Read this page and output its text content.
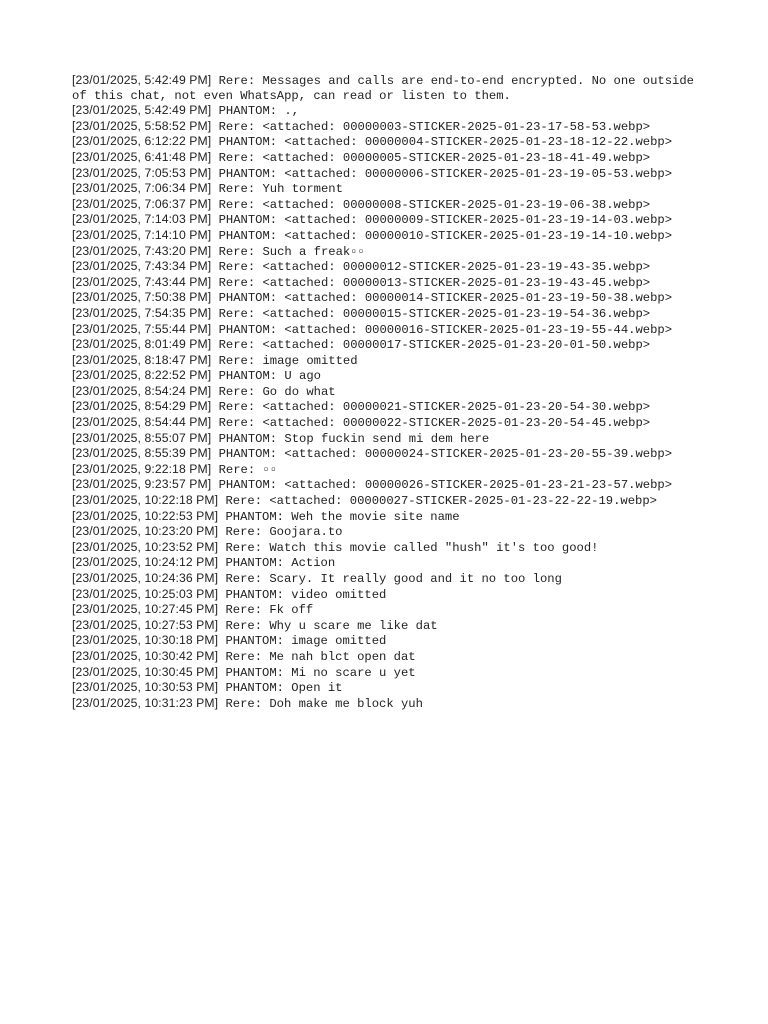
[23/01/2025, 5:42:49 PM] Rere: Messages and calls are end-to-end encrypted. No one outside of this chat, not even WhatsApp, can read or listen to them.
[23/01/2025, 5:42:49 PM] PHANTOM: .,
[23/01/2025, 5:58:52 PM] Rere: <attached: 00000003-STICKER-2025-01-23-17-58-53.webp>
[23/01/2025, 6:12:22 PM] PHANTOM: <attached: 00000004-STICKER-2025-01-23-18-12-22.webp>
[23/01/2025, 6:41:48 PM] Rere: <attached: 00000005-STICKER-2025-01-23-18-41-49.webp>
[23/01/2025, 7:05:53 PM] PHANTOM: <attached: 00000006-STICKER-2025-01-23-19-05-53.webp>
[23/01/2025, 7:06:34 PM] Rere: Yuh torment
[23/01/2025, 7:06:37 PM] Rere: <attached: 00000008-STICKER-2025-01-23-19-06-38.webp>
[23/01/2025, 7:14:03 PM] PHANTOM: <attached: 00000009-STICKER-2025-01-23-19-14-03.webp>
[23/01/2025, 7:14:10 PM] PHANTOM: <attached: 00000010-STICKER-2025-01-23-19-14-10.webp>
[23/01/2025, 7:43:20 PM] Rere: Such a freak▫▫
[23/01/2025, 7:43:34 PM] Rere: <attached: 00000012-STICKER-2025-01-23-19-43-35.webp>
[23/01/2025, 7:43:44 PM] Rere: <attached: 00000013-STICKER-2025-01-23-19-43-45.webp>
[23/01/2025, 7:50:38 PM] PHANTOM: <attached: 00000014-STICKER-2025-01-23-19-50-38.webp>
[23/01/2025, 7:54:35 PM] Rere: <attached: 00000015-STICKER-2025-01-23-19-54-36.webp>
[23/01/2025, 7:55:44 PM] PHANTOM: <attached: 00000016-STICKER-2025-01-23-19-55-44.webp>
[23/01/2025, 8:01:49 PM] Rere: <attached: 00000017-STICKER-2025-01-23-20-01-50.webp>
[23/01/2025, 8:18:47 PM] Rere: image omitted
[23/01/2025, 8:22:52 PM] PHANTOM: U ago
[23/01/2025, 8:54:24 PM] Rere: Go do what
[23/01/2025, 8:54:29 PM] Rere: <attached: 00000021-STICKER-2025-01-23-20-54-30.webp>
[23/01/2025, 8:54:44 PM] Rere: <attached: 00000022-STICKER-2025-01-23-20-54-45.webp>
[23/01/2025, 8:55:07 PM] PHANTOM: Stop fuckin send mi dem here
[23/01/2025, 8:55:39 PM] PHANTOM: <attached: 00000024-STICKER-2025-01-23-20-55-39.webp>
[23/01/2025, 9:22:18 PM] Rere: ▫▫
[23/01/2025, 9:23:57 PM] PHANTOM: <attached: 00000026-STICKER-2025-01-23-21-23-57.webp>
[23/01/2025, 10:22:18 PM] Rere: <attached: 00000027-STICKER-2025-01-23-22-22-19.webp>
[23/01/2025, 10:22:53 PM] PHANTOM: Weh the movie site name
[23/01/2025, 10:23:20 PM] Rere: Goojara.to
[23/01/2025, 10:23:52 PM] Rere: Watch this movie called "hush" it's too good!
[23/01/2025, 10:24:12 PM] PHANTOM: Action
[23/01/2025, 10:24:36 PM] Rere: Scary. It really good and it no too long
[23/01/2025, 10:25:03 PM] PHANTOM: video omitted
[23/01/2025, 10:27:45 PM] Rere: Fk off
[23/01/2025, 10:27:53 PM] Rere: Why u scare me like dat
[23/01/2025, 10:30:18 PM] PHANTOM: image omitted
[23/01/2025, 10:30:42 PM] Rere: Me nah blct open dat
[23/01/2025, 10:30:45 PM] PHANTOM: Mi no scare u yet
[23/01/2025, 10:30:53 PM] PHANTOM: Open it
[23/01/2025, 10:31:23 PM] Rere: Doh make me block yuh
